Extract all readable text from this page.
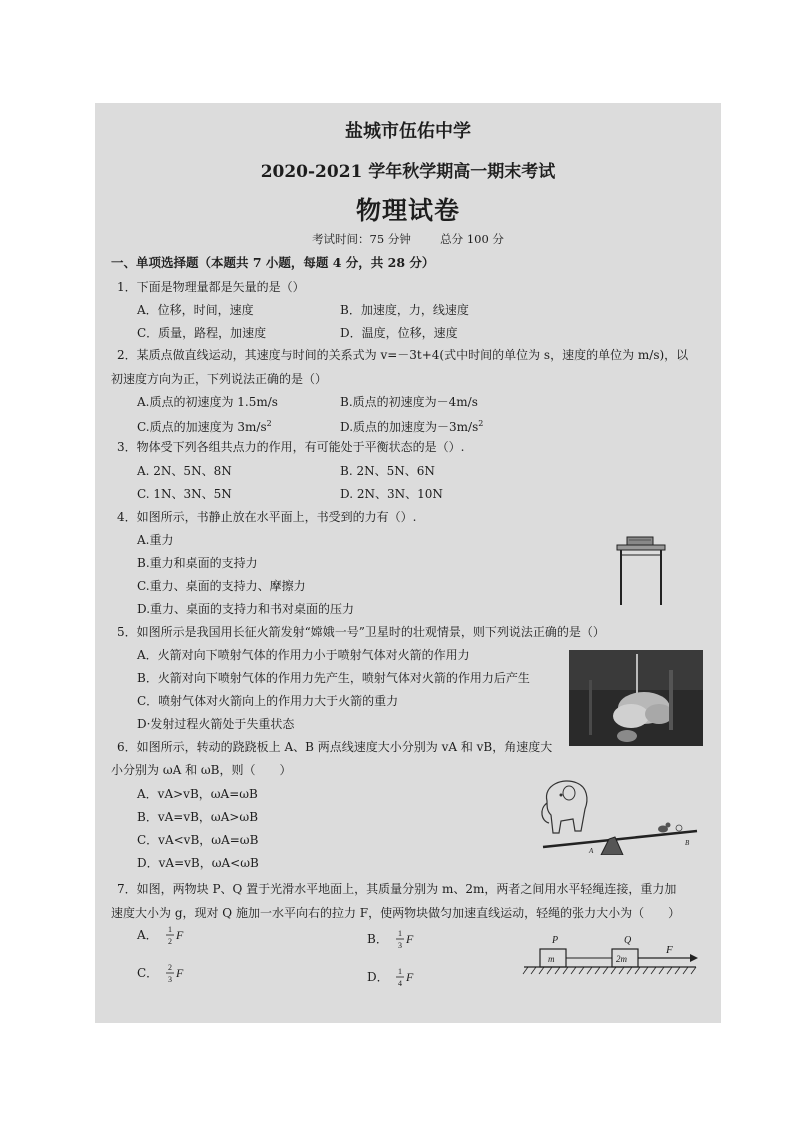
盐城市伍佑中学
2020-2021 学年秋学期高一期末考试
物理试卷
考试时间：75 分钟	总分 100 分
一、单项选择题（本题共 7 小题，每题 4 分，共 28 分）
1．下面是物理量都是矢量的是（）
A．位移，时间，速度	B．加速度，力，线速度
C．质量，路程，加速度	D．温度，位移，速度
2．某质点做直线运动，其速度与时间的关系式为 v=－3t+4(式中时间的单位为 s，速度的单位为 m/s)，以
初速度方向为正，下列说法正确的是（）
A.质点的初速度为 1.5m/s	B.质点的初速度为－4m/s
C.质点的加速度为 $3m/s^2$	D.质点的加速度为$-3m/s^2$
3．物体受下列各组共点力的作用，有可能处于平衡状态的是（）.
A. 2N、5N、8N	B. 2N、5N、6N
C. 1N、3N、5N	D. 2N、3N、10N
4．如图所示，书静止放在水平面上，书受到的力有（）.
A.重力
B.重力和桌面的支持力
C.重力、桌面的支持力、摩擦力
D.重力、桌面的支持力和书对桌面的压力
5．如图所示是我国用长征火箭发射“嫦娥一号”卫星时的壮观情景，则下列说法正确的是（）
A．火箭对向下喷射气体的作用力小于喷射气体对火箭的作用力
B．火箭对向下喷射气体的作用力先产生，喷射气体对火箭的作用力后产生
C．喷射气体对火箭向上的作用力大于火箭的重力
D·发射过程火箭处于失重状态
6．如图所示，转动的跷跷板上 A、B 两点线速度大小分别为 vA 和 vB，角速度大
小分别为 ωA 和 ωB，则（　　）
A．vA>vB，ωA=ωB
B．vA=vB，ωA>ωB
C．vA<vB，ωA=ωB
D．vA=vB，ωA<ωB
A
B
7．如图，两物块 P、Q 置于光滑水平地面上，其质量分别为 m、2m，两者之间用水平轻绳连接，重力加
速度大小为 g，现对 Q 施加一水平向右的拉力 F，使两物块做匀加速直线运动，轻绳的张力大小为（　　）
A． 1
2 F	B． 1
3 F
C． 2
3 F	D． 1
4 F
P	Q
m	2m
F
